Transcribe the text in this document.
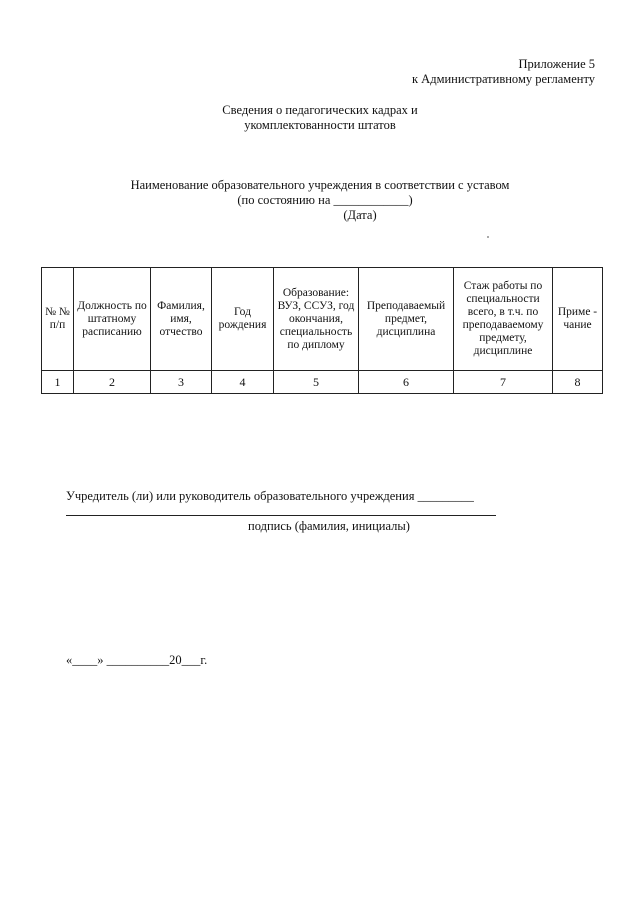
Приложение 5
к Административному регламенту
Сведения о педагогических кадрах и
укомплектованности штатов
Наименование образовательного учреждения в соответствии с уставом
(по состоянию на ____________)
(Дата)
№ № п/п	Должность по штатному расписанию	Фамилия, имя, отчество	Год рождения	Образование: ВУЗ, ССУЗ, год окончания, специальность по диплому	Преподаваемый предмет, дисциплина	Стаж работы по специальности всего, в т.ч. по преподаваемому предмету, дисциплине	Приме - чание
1	2	3	4	5	6	7	8
Учредитель (ли) или руководитель образовательного учреждения _________
подпись (фамилия, инициалы)
«____» __________20___г.
